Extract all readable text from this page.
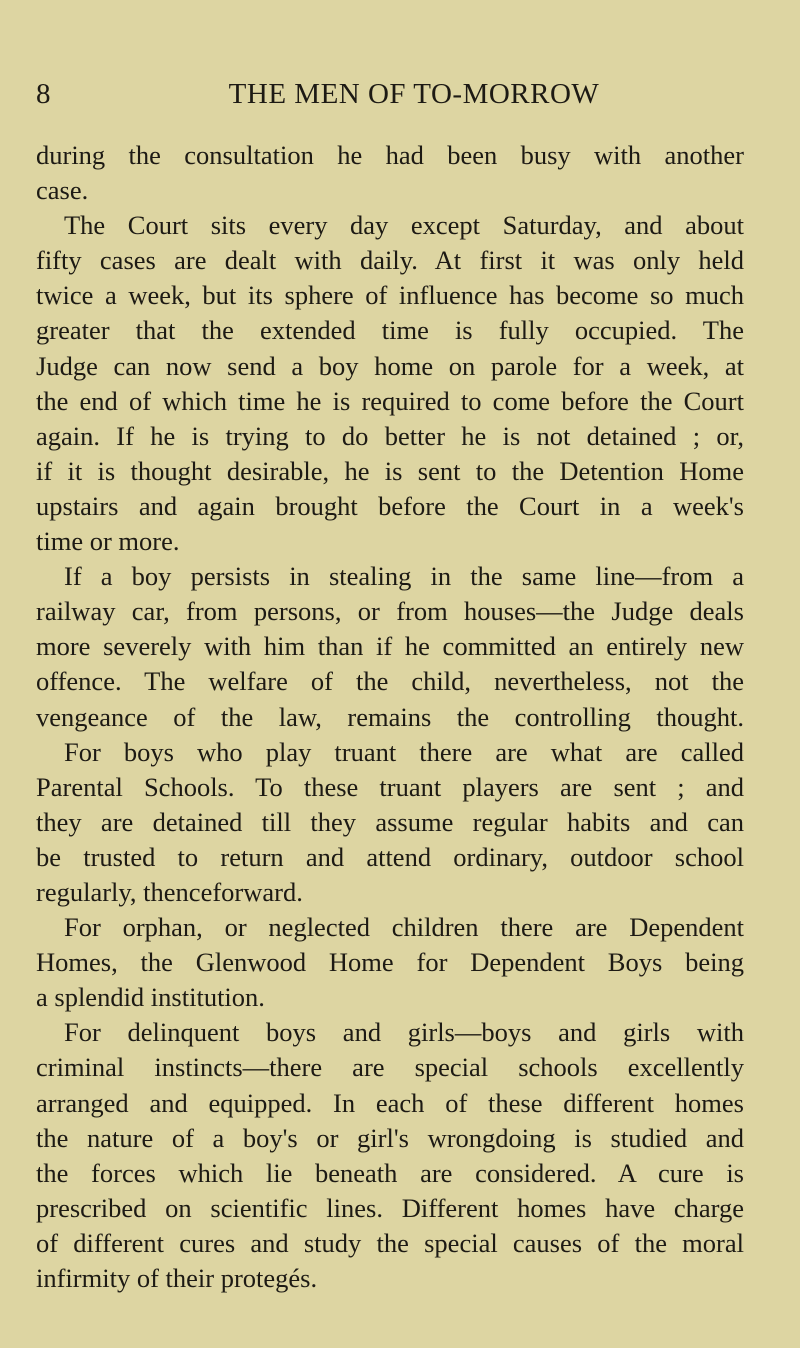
8	THE MEN OF TO-MORROW
during the consultation he had been busy with another
case.
The Court sits every day except Saturday, and about
fifty cases are dealt with daily. At first it was only held
twice a week, but its sphere of influence has become so much
greater that the extended time is fully occupied. The
Judge can now send a boy home on parole for a week, at
the end of which time he is required to come before the Court
again. If he is trying to do better he is not detained ; or,
if it is thought desirable, he is sent to the Detention Home
upstairs and again brought before the Court in a week's
time or more.
If a boy persists in stealing in the same line—from a
railway car, from persons, or from houses—the Judge deals
more severely with him than if he committed an entirely new
offence. The welfare of the child, nevertheless, not the
vengeance of the law, remains the controlling thought.
For boys who play truant there are what are called
Parental Schools. To these truant players are sent ; and
they are detained till they assume regular habits and can
be trusted to return and attend ordinary, outdoor school
regularly, thenceforward.
For orphan, or neglected children there are Dependent
Homes, the Glenwood Home for Dependent Boys being
a splendid institution.
For delinquent boys and girls—boys and girls with
criminal instincts—there are special schools excellently
arranged and equipped. In each of these different homes
the nature of a boy's or girl's wrongdoing is studied and
the forces which lie beneath are considered. A cure is
prescribed on scientific lines. Different homes have charge
of different cures and study the special causes of the moral
infirmity of their protegés.
